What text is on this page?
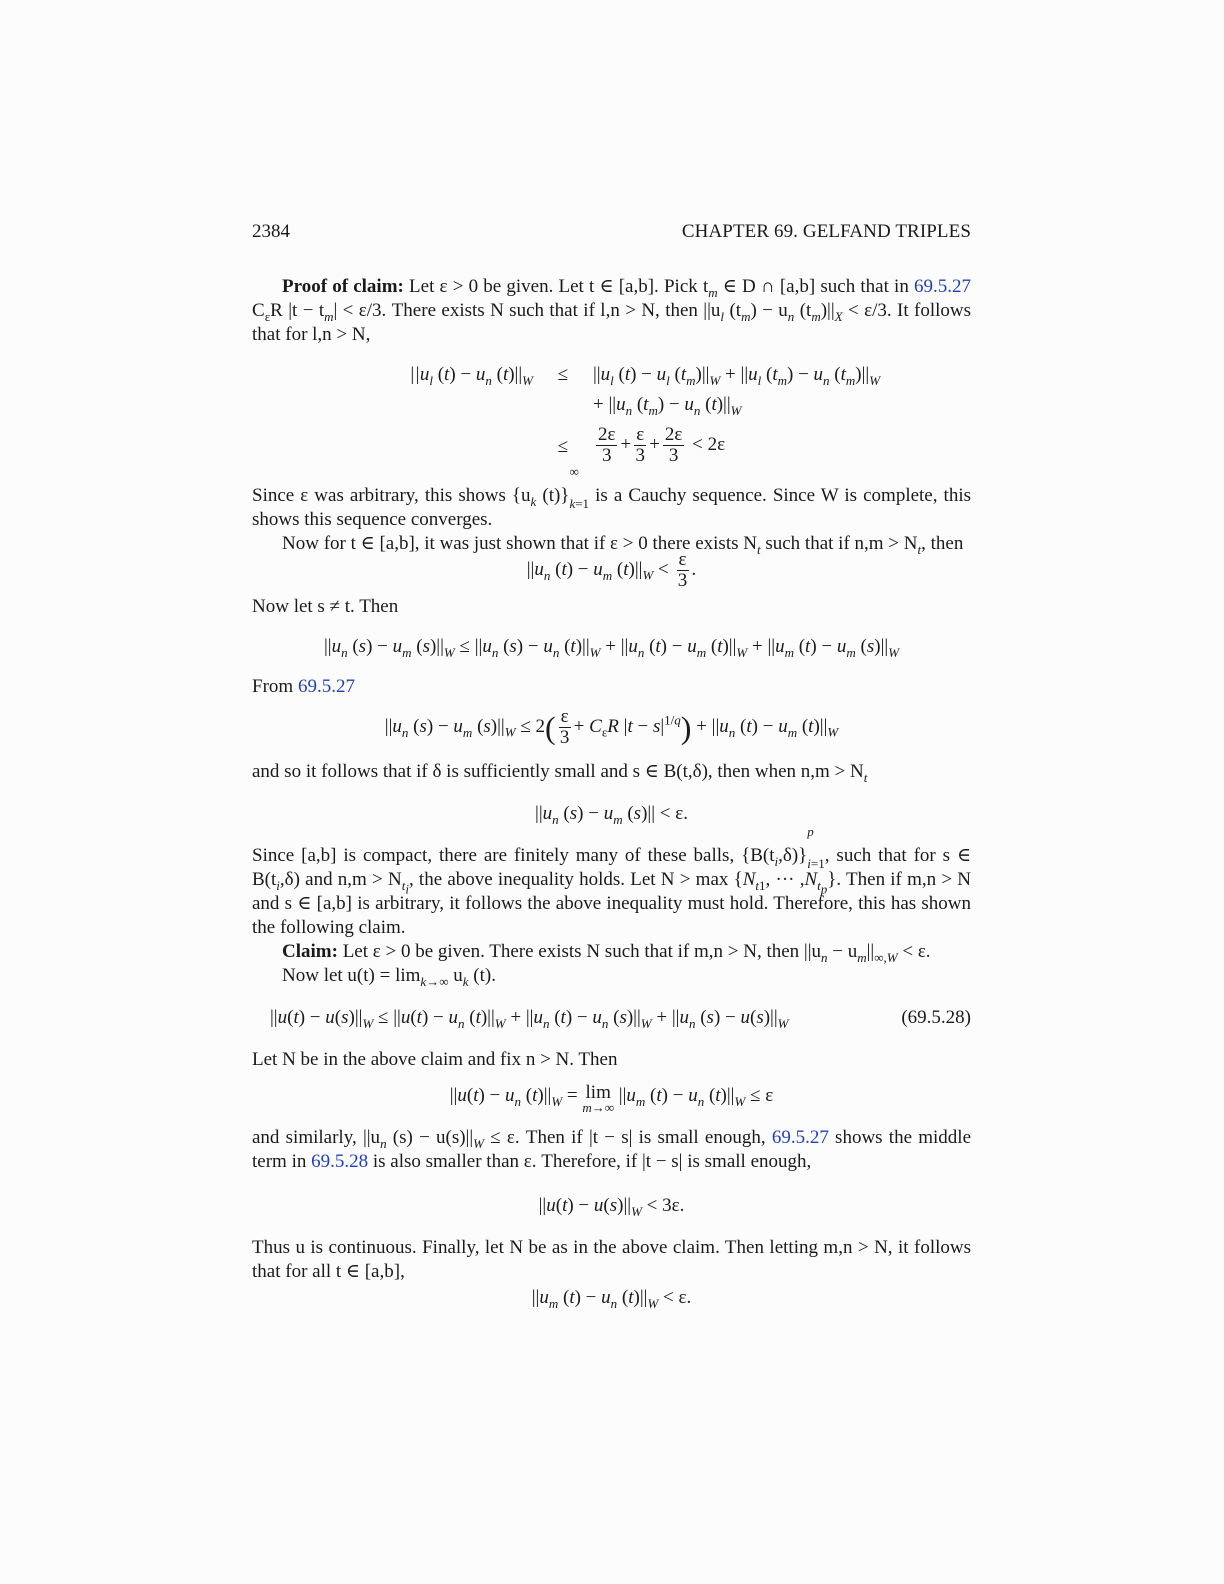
2384	CHAPTER 69. GELFAND TRIPLES

Proof of claim: Let ε > 0 be given. Let t ∈ [a,b]. Pick $t_m$ ∈ D ∩ [a,b] such that in 69.5.27 $C_\varepsilon R$ $|t - t_m| < \varepsilon/3$. There exists N such that if l,n > N, then $||u_l$ $(t_m) - u_n$ $(t_m)||_X < \varepsilon/3$. It follows that for l,n > N,

$||u_l$ $(t) - u_n$ $(t)||_W$	≤	$||u_l$ $(t) - u_l$ $(t_m)||_W + ||u_l$ $(t_m) - u_n$ $(t_m)||_W$
+ $||u_n$ $(t_m) - u_n$ $(t)||_W$
≤	$\frac{2\varepsilon}{3} + \frac{\varepsilon}{3} + \frac{2\varepsilon}{3} < 2\varepsilon$

Since ε was arbitrary, this shows {$u_k$ (t)}
$^{\infty k=1}$ is a Cauchy sequence. Since W is complete, this shows this sequence converges.

Now for t ∈ [a,b], it was just shown that if ε > 0 there exists $N_t$ such that if $n,m > N_t$, then

$||u_n$ $(t) - u_m$ $(t)||_W < \frac{\varepsilon}{3}$ .

Now let s ≠ t. Then

$||u_n$ $(s) - u_m$ $(s)||_W \le ||u_n$ $(s) - u_n$ $(t)||_W + ||u_n$ $(t) - u_m$ $(t)||_W + ||u_m$ $(t) - u_m$ $(s)||_W$

From 69.5.27

$||u_n$ $(s) - u_m$ $(s)||_W \le 2( \frac{\varepsilon}{3} + C_\varepsilon R$ $|t - s|^{1/q}) + ||u_n$ $(t) - u_m$ $(t)||_W$

and so it follows that if δ is sufficiently small and s ∈ B(t,δ), then when $n,m > N_t$

$||u_n$ $(s) - u_m$ (s)|| < ε.

Since [a,b] is compact, there are finitely many of these balls, $\{B(t_i,\delta)\}$
$^{p i=1}$, such that for s ∈ $B(t_i,\delta)$ and $n,m > N_{t_i}$, the above inequality holds. Let $N > \max \{N_{t1}$, ··· $,N_{t_p}$}. Then if m,n > N and s ∈ [a,b] is arbitrary, it follows the above inequality must hold. Therefore, this has shown the following claim.

Claim: Let ε > 0 be given. There exists N such that if m,n > N, then $||u_n - u_m||_{\infty,W} < \varepsilon$.

Now let $u(t) = \lim_{k\to\infty} u_k$ (t).

$||u(t) - u(s)||_W \le ||u(t) - u_n$ $(t)||_W + ||u_n$ $(t) - u_n$ $(s)||_W + ||u_n$ $(s) - u(s)||_W$	(69.5.28)

Let N be in the above claim and fix n > N. Then

$||u(t) - u_n$ $(t)||_W = \lim$
m→∞
$||u_m$ $(t) - u_n$ $(t)||_W \le \varepsilon$

and similarly, $||u_n$ $(s) - u(s)||_W \le \varepsilon$. Then if |t − s| is small enough, 69.5.27 shows the middle term in 69.5.28 is also smaller than ε. Therefore, if |t − s| is small enough,

$||u(t) - u(s)||_W < 3\varepsilon$.

Thus u is continuous. Finally, let N be as in the above claim. Then letting m,n > N, it follows that for all t ∈ [a,b],

$||u_m$ $(t) - u_n$ $(t)||_W < \varepsilon$.
